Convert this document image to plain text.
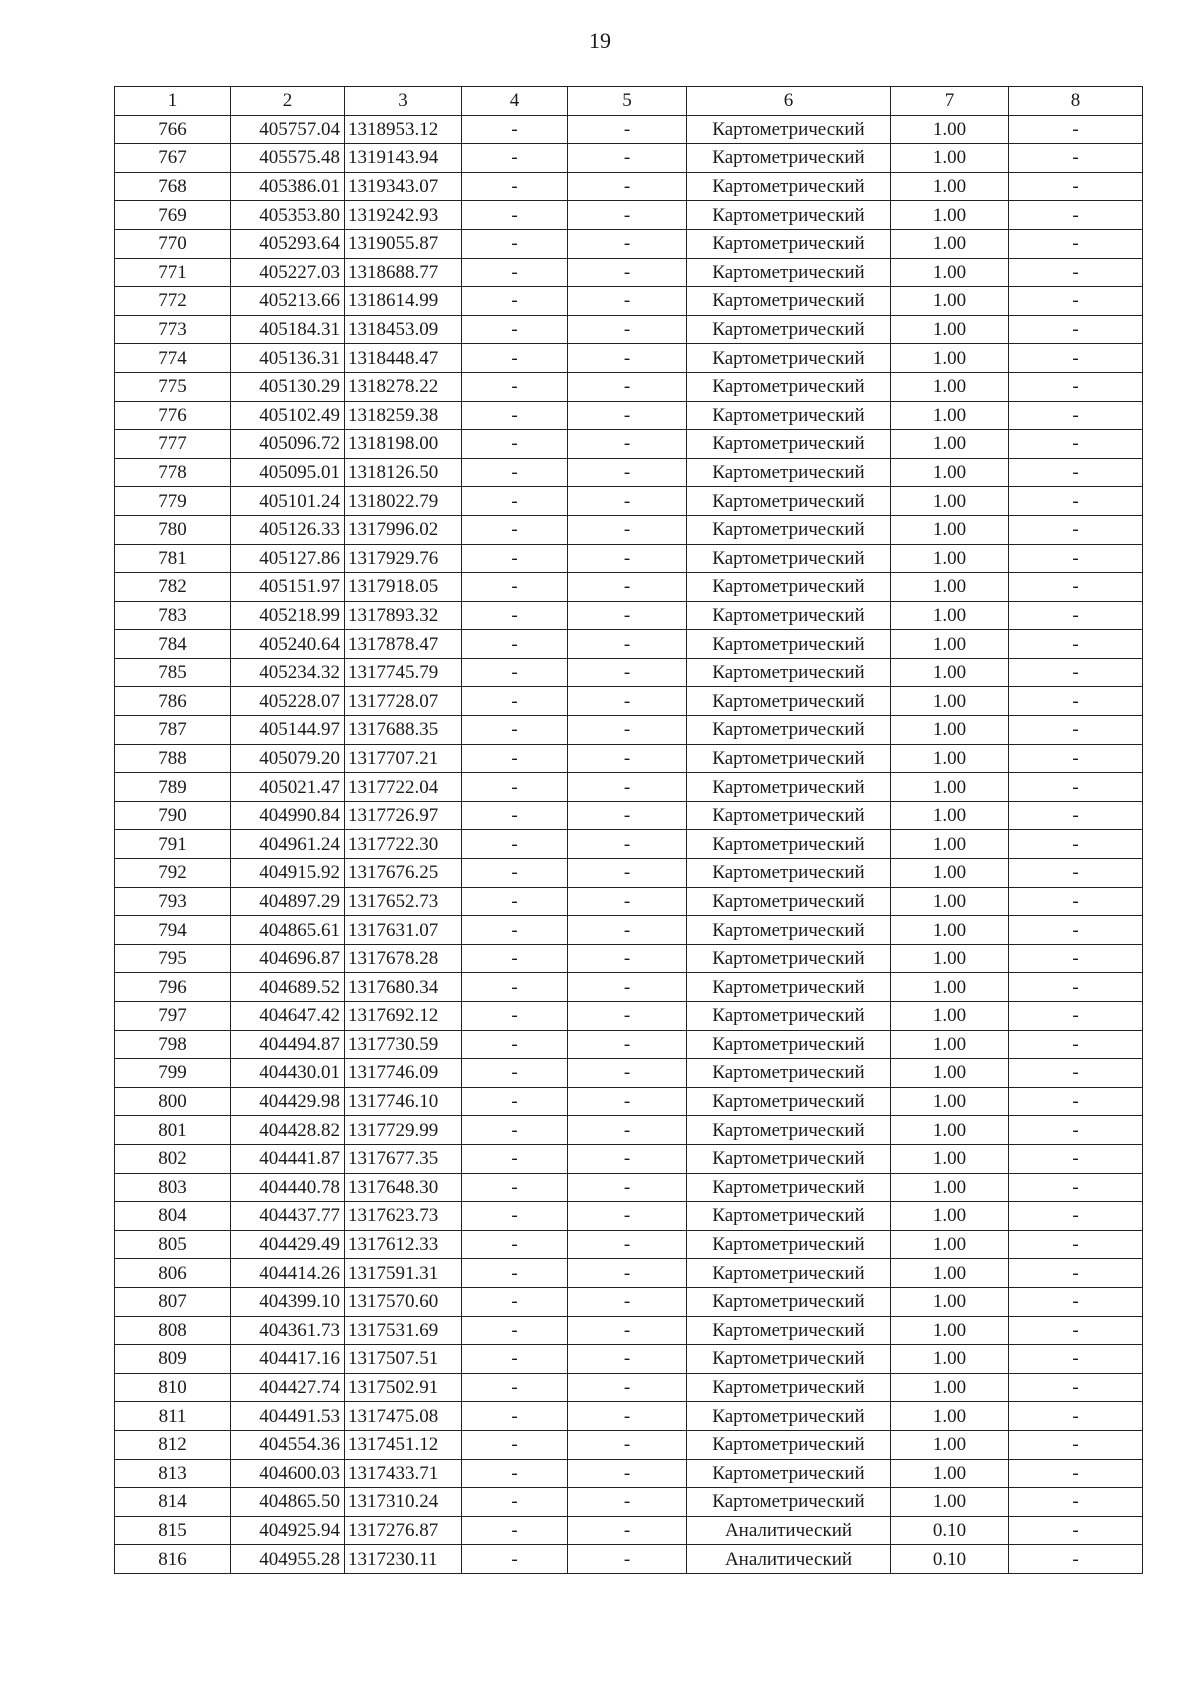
19
1	2	3	4	5	6	7	8
766	405757.04	1318953.12	-	-	Картометрический	1.00	-
767	405575.48	1319143.94	-	-	Картометрический	1.00	-
768	405386.01	1319343.07	-	-	Картометрический	1.00	-
769	405353.80	1319242.93	-	-	Картометрический	1.00	-
770	405293.64	1319055.87	-	-	Картометрический	1.00	-
771	405227.03	1318688.77	-	-	Картометрический	1.00	-
772	405213.66	1318614.99	-	-	Картометрический	1.00	-
773	405184.31	1318453.09	-	-	Картометрический	1.00	-
774	405136.31	1318448.47	-	-	Картометрический	1.00	-
775	405130.29	1318278.22	-	-	Картометрический	1.00	-
776	405102.49	1318259.38	-	-	Картометрический	1.00	-
777	405096.72	1318198.00	-	-	Картометрический	1.00	-
778	405095.01	1318126.50	-	-	Картометрический	1.00	-
779	405101.24	1318022.79	-	-	Картометрический	1.00	-
780	405126.33	1317996.02	-	-	Картометрический	1.00	-
781	405127.86	1317929.76	-	-	Картометрический	1.00	-
782	405151.97	1317918.05	-	-	Картометрический	1.00	-
783	405218.99	1317893.32	-	-	Картометрический	1.00	-
784	405240.64	1317878.47	-	-	Картометрический	1.00	-
785	405234.32	1317745.79	-	-	Картометрический	1.00	-
786	405228.07	1317728.07	-	-	Картометрический	1.00	-
787	405144.97	1317688.35	-	-	Картометрический	1.00	-
788	405079.20	1317707.21	-	-	Картометрический	1.00	-
789	405021.47	1317722.04	-	-	Картометрический	1.00	-
790	404990.84	1317726.97	-	-	Картометрический	1.00	-
791	404961.24	1317722.30	-	-	Картометрический	1.00	-
792	404915.92	1317676.25	-	-	Картометрический	1.00	-
793	404897.29	1317652.73	-	-	Картометрический	1.00	-
794	404865.61	1317631.07	-	-	Картометрический	1.00	-
795	404696.87	1317678.28	-	-	Картометрический	1.00	-
796	404689.52	1317680.34	-	-	Картометрический	1.00	-
797	404647.42	1317692.12	-	-	Картометрический	1.00	-
798	404494.87	1317730.59	-	-	Картометрический	1.00	-
799	404430.01	1317746.09	-	-	Картометрический	1.00	-
800	404429.98	1317746.10	-	-	Картометрический	1.00	-
801	404428.82	1317729.99	-	-	Картометрический	1.00	-
802	404441.87	1317677.35	-	-	Картометрический	1.00	-
803	404440.78	1317648.30	-	-	Картометрический	1.00	-
804	404437.77	1317623.73	-	-	Картометрический	1.00	-
805	404429.49	1317612.33	-	-	Картометрический	1.00	-
806	404414.26	1317591.31	-	-	Картометрический	1.00	-
807	404399.10	1317570.60	-	-	Картометрический	1.00	-
808	404361.73	1317531.69	-	-	Картометрический	1.00	-
809	404417.16	1317507.51	-	-	Картометрический	1.00	-
810	404427.74	1317502.91	-	-	Картометрический	1.00	-
811	404491.53	1317475.08	-	-	Картометрический	1.00	-
812	404554.36	1317451.12	-	-	Картометрический	1.00	-
813	404600.03	1317433.71	-	-	Картометрический	1.00	-
814	404865.50	1317310.24	-	-	Картометрический	1.00	-
815	404925.94	1317276.87	-	-	Аналитический	0.10	-
816	404955.28	1317230.11	-	-	Аналитический	0.10	-
